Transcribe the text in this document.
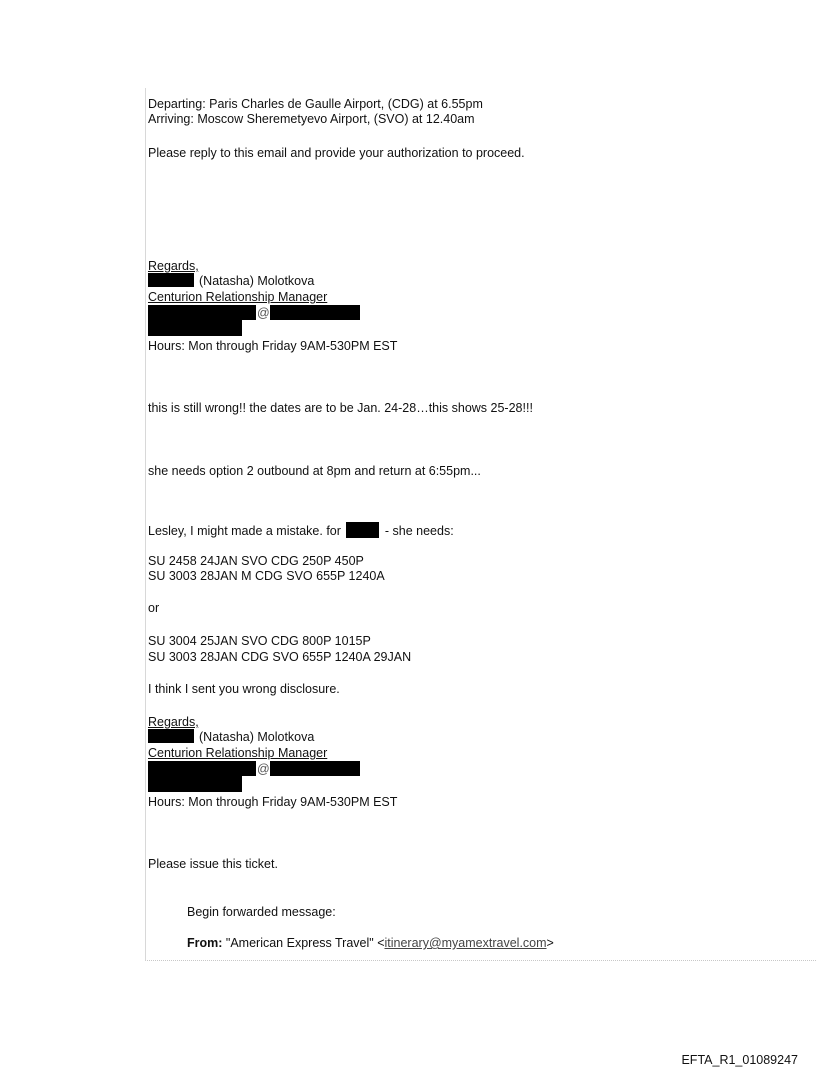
Departing: Paris Charles de Gaulle Airport, (CDG) at 6.55pm
Arriving: Moscow Sheremetyevo Airport, (SVO) at 12.40am
Please reply to this email and provide your authorization to proceed.
Regards,
(Natasha) Molotkova
Centurion Relationship Manager
@
Hours: Mon through Friday 9AM-530PM EST
this is still wrong!! the dates are to be Jan. 24-28…this shows 25-28!!!
she needs option 2 outbound at 8pm and return at 6:55pm...
Lesley, I might made a mistake. for	- she needs:
SU 2458 24JAN SVO CDG 250P 450P
SU 3003 28JAN M CDG SVO 655P 1240A
or
SU 3004 25JAN SVO CDG 800P 1015P
SU 3003 28JAN CDG SVO 655P 1240A 29JAN
I think I sent you wrong disclosure.
Regards,
(Natasha) Molotkova
Centurion Relationship Manager
@
Hours: Mon through Friday 9AM-530PM EST
Please issue this ticket.
Begin forwarded message:
From: "American Express Travel" <itinerary@myamextravel.com>
EFTA_R1_01089247
